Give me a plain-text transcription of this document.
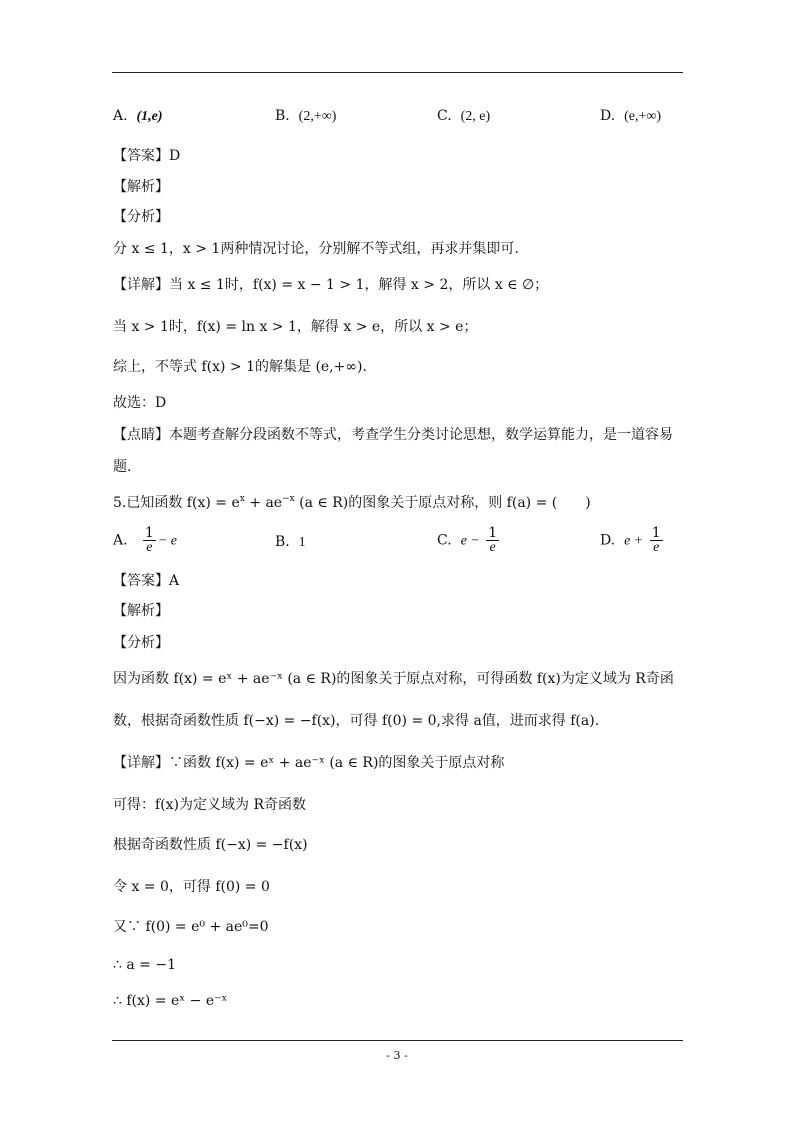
A. (1,e)	B. (2,+∞)	C. (2, e)	D. (e,+∞)
【答案】D
【解析】
【分析】
分 x ≤ 1，x > 1两种情况讨论，分别解不等式组，再求并集即可.
【详解】当 x ≤ 1时，f(x) = x − 1 > 1，解得 x > 2，所以 x ∈ ∅；
当 x > 1时，f(x) = ln x > 1，解得 x > e，所以 x > e；
综上，不等式 f(x) > 1的解集是 (e,+∞).
故选：D
【点睛】本题考查解分段函数不等式，考查学生分类讨论思想，数学运算能力，是一道容易
题.
5.已知函数 $f(x) = e^x + ae^{-x}$ (a ∈ R)的图象关于原点对称，则 f(a) = (　　)
A. $\frac{1}{e} - e$	B. 1	C. $e - \frac{1}{e}$	D. $e + \frac{1}{e}$
【答案】A
【解析】
【分析】
因为函数 f(x) = eˣ + ae⁻ˣ (a ∈ R)的图象关于原点对称，可得函数 f(x)为定义域为 R奇函
数，根据奇函数性质 f(−x) = −f(x)，可得 f(0) = 0,求得 a值，进而求得 f(a).
【详解】∵函数 f(x) = eˣ + ae⁻ˣ (a ∈ R)的图象关于原点对称
可得：f(x)为定义域为 R奇函数
根据奇函数性质 f(−x) = −f(x)
令 x = 0，可得 f(0) = 0
又∵ f(0) = e⁰ + ae⁰=0
∴ a = −1
∴ f(x) = eˣ − e⁻ˣ
- 3 -
